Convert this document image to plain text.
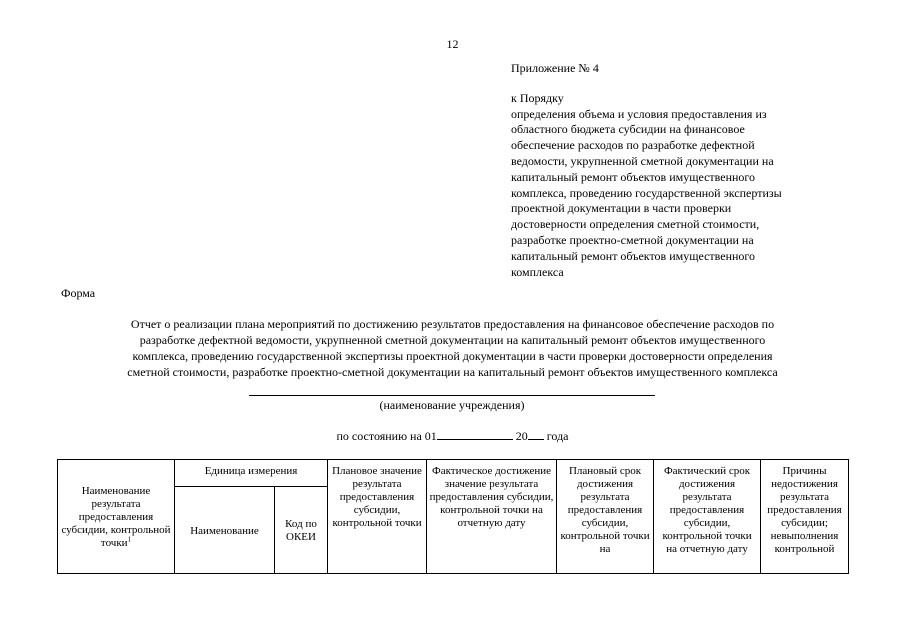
12
Приложение № 4
к Порядку
определения объема и условия предоставления из
областного бюджета субсидии на финансовое
обеспечение расходов по разработке дефектной
ведомости, укрупненной сметной документации на
капитальный ремонт объектов имущественного
комплекса, проведению государственной экспертизы
проектной документации в части проверки
достоверности определения сметной стоимости,
разработке проектно-сметной документации на
капитальный ремонт объектов имущественного
комплекса
Форма
Отчет о реализации плана мероприятий по достижению результатов предоставления на финансовое обеспечение расходов по
разработке дефектной ведомости, укрупненной сметной документации на капитальный ремонт объектов имущественного
комплекса, проведению государственной экспертизы проектной документации в части проверки достоверности определения
сметной стоимости, разработке проектно-сметной документации на капитальный ремонт объектов имущественного комплекса
(наименование учреждения)
по состоянию на 01	20 года
Наименование результата предоставления субсидии, контрольной точки$^1$	Единица измерения		Плановое значение результата предоставления субсидии, контрольной точки	Фактическое достижение значение результата предоставления субсидии, контрольной точки на отчетную дату	Плановый срок достижения результата предоставления субсидии, контрольной точки на	Фактический срок достижения результата предоставления субсидии, контрольной точки на отчетную дату	Причины недостижения результата предоставления субсидии; невыполнения контрольной
	Наименование	Код по ОКЕИ					
